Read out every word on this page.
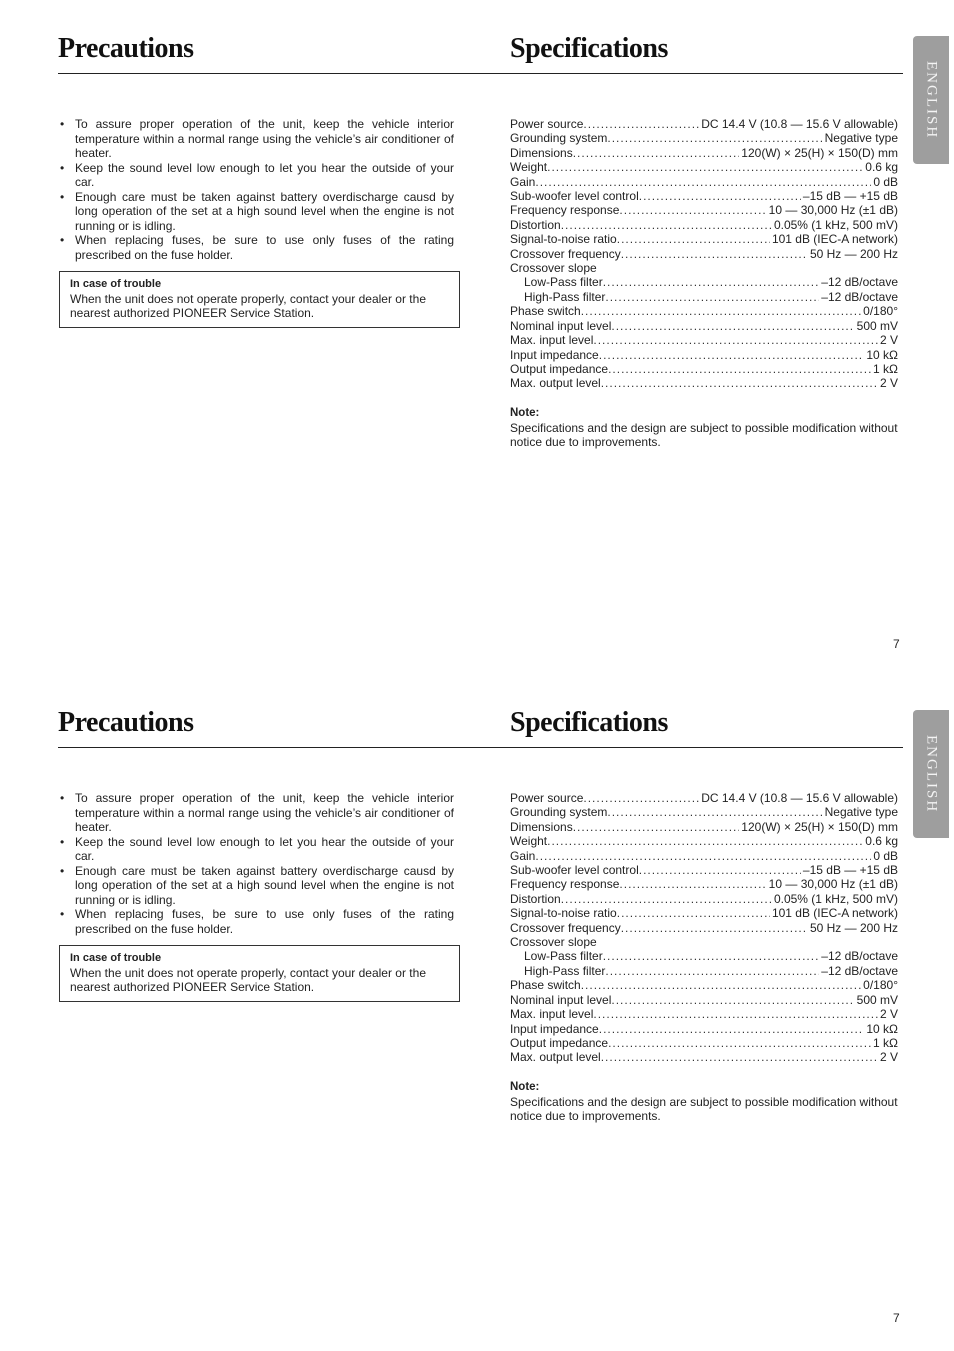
Precautions	Specifications
ENGLISH
• To assure proper operation of the unit, keep the vehicle interior temperature within a normal range using the vehicle’s air conditioner of heater.
• Keep the sound level low enough to let you hear the outside of your car.
• Enough care must be taken against battery overdischarge causd by long operation of the set at a high sound level when the engine is not running or is idling.
• When replacing fuses, be sure to use only fuses of the rating prescribed on the fuse holder.
In case of trouble
When the unit does not operate properly, contact your dealer or the nearest authorized PIONEER Service Station.
Power source .....	DC 14.4 V (10.8 — 15.6 V allowable)
Grounding system .....	Negative type
Dimensions .....	120(W) × 25(H) × 150(D) mm
Weight .....	0.6 kg
Gain .....	0 dB
Sub-woofer level control .....	–15 dB — +15 dB
Frequency response .....	10 — 30,000 Hz (±1 dB)
Distortion .....	0.05% (1 kHz, 500 mV)
Signal-to-noise ratio .....	101 dB (IEC-A network)
Crossover frequency .....	50 Hz — 200 Hz
Crossover slope
Low-Pass filter .....	–12 dB/octave
High-Pass filter .....	–12 dB/octave
Phase switch .....	0/180°
Nominal input level .....	500 mV
Max. input level .....	2 V
Input impedance .....	10 kΩ
Output impedance .....	1 kΩ
Max. output level .....	2 V
Note:
Specifications and the design are subject to possible modification without notice due to improvements.
7
Precautions	Specifications
ENGLISH
• To assure proper operation of the unit, keep the vehicle interior temperature within a normal range using the vehicle’s air conditioner of heater.
• Keep the sound level low enough to let you hear the outside of your car.
• Enough care must be taken against battery overdischarge causd by long operation of the set at a high sound level when the engine is not running or is idling.
• When replacing fuses, be sure to use only fuses of the rating prescribed on the fuse holder.
In case of trouble
When the unit does not operate properly, contact your dealer or the nearest authorized PIONEER Service Station.
Power source .....	DC 14.4 V (10.8 — 15.6 V allowable)
Grounding system .....	Negative type
Dimensions .....	120(W) × 25(H) × 150(D) mm
Weight .....	0.6 kg
Gain .....	0 dB
Sub-woofer level control .....	–15 dB — +15 dB
Frequency response .....	10 — 30,000 Hz (±1 dB)
Distortion .....	0.05% (1 kHz, 500 mV)
Signal-to-noise ratio .....	101 dB (IEC-A network)
Crossover frequency .....	50 Hz — 200 Hz
Crossover slope
Low-Pass filter .....	–12 dB/octave
High-Pass filter .....	–12 dB/octave
Phase switch .....	0/180°
Nominal input level .....	500 mV
Max. input level .....	2 V
Input impedance .....	10 kΩ
Output impedance .....	1 kΩ
Max. output level .....	2 V
Note:
Specifications and the design are subject to possible modification without notice due to improvements.
7
